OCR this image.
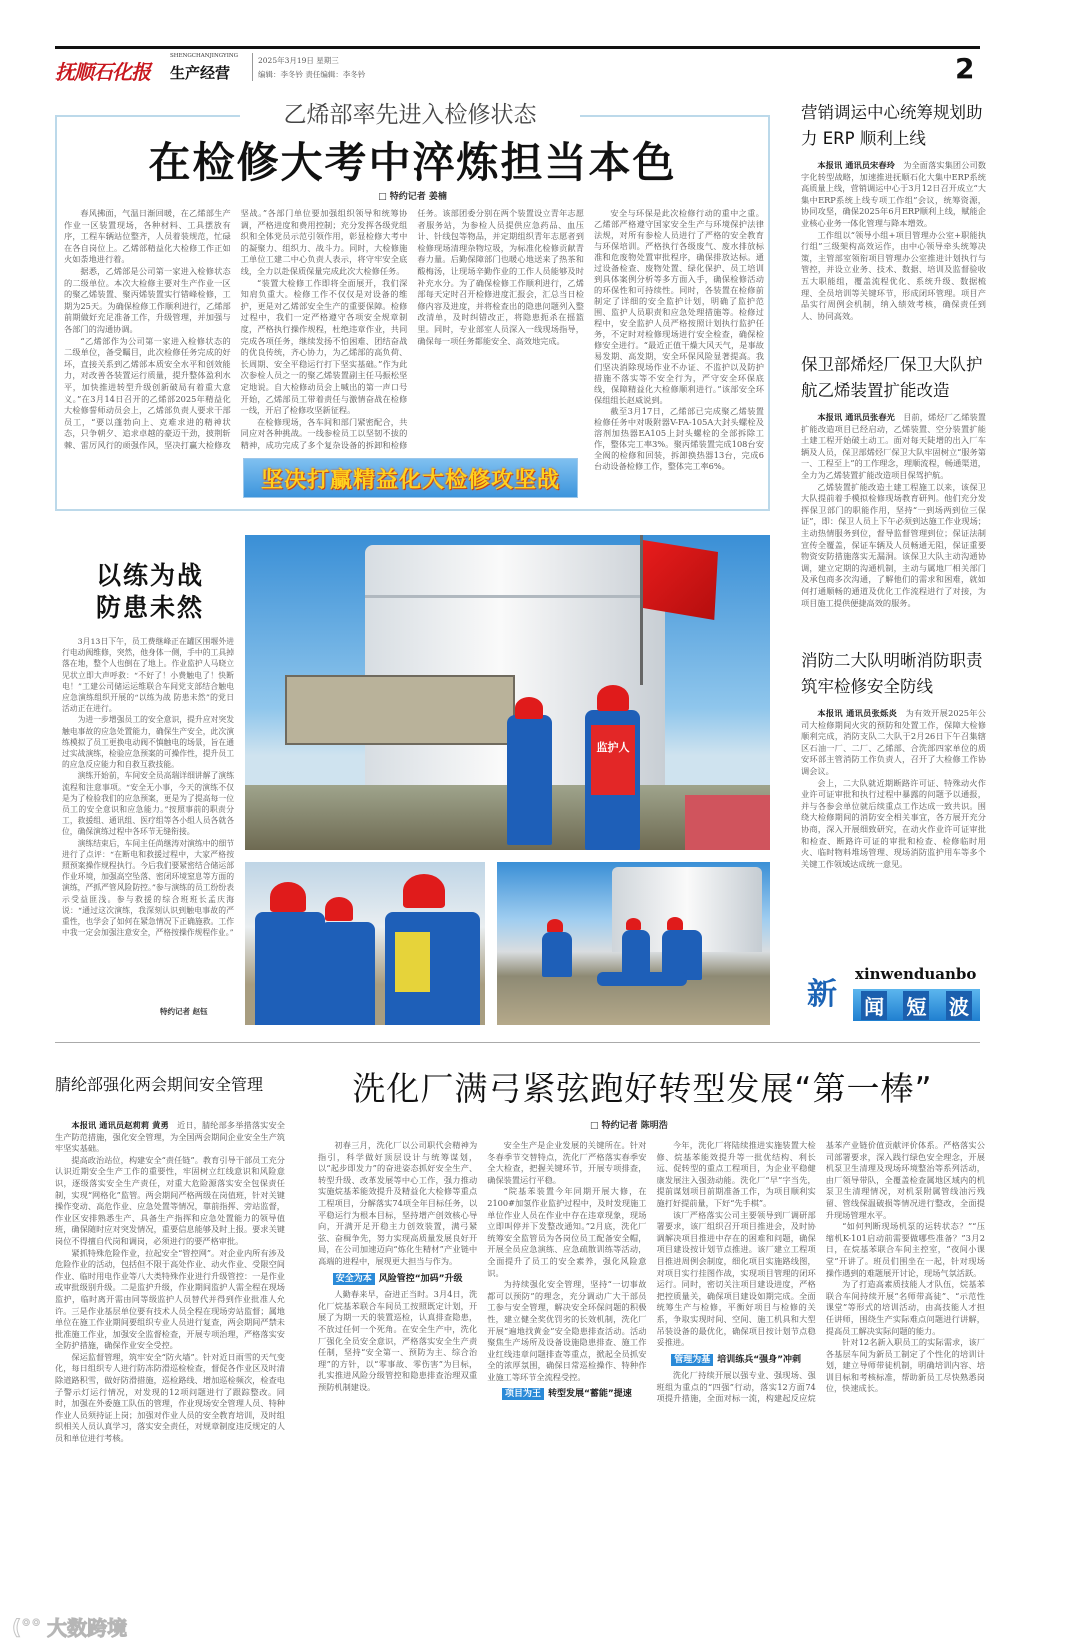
抚顺石化报
SHENGCHANJINGYING
生产经营
2025年3月19日 星期三
编辑：李冬钤 责任编辑：李冬钤	2
乙烯部率先进入检修状态
在检修大考中淬炼担当本色
□ 特约记者 姜楠

春风拂面，气温日渐回暖，在乙烯部生产作业一区装置现场，各种材料、工具摆放有序，工程车辆站位整齐，人员着装规范，忙碌在各自岗位上。乙烯部精益化大检修工作正如火如荼地进行着。

据悉，乙烯部是公司第一家进入检修状态的二级单位。本次大检修主要对生产作业一区的聚乙烯装置、聚丙烯装置实行错峰检修，工期为25天。为确保检修工作顺利进行，乙烯部前期做好充足准备工作，升级管理，并加强与各部门的沟通协调。

“乙烯部作为公司第一家进入检修状态的二级单位，备受瞩目，此次检修任务完成的好坏，直接关系到乙烯部本质安全水平和创效能力，对改善各装置运行质量，提升整体盈利水平，加快推进转型升级创新破局有着重大意义。”在3月14日召开的乙烯部2025年精益化大检修誓师动员会上，乙烯部负责人要求干部员工，“要以蓬勃向上、克难求进的精神状态，只争朝夕、追求卓越的豪迈干劲，披荆斩棘、雷厉风行的顽强作风，坚决打赢大检修攻坚战。”各部门单位要加强组织领导和统筹协调，严格进度和费用控制；充分发挥各级党组织和全体党员示范引领作用，彰显检修大考中的凝聚力、组织力、战斗力。同时，大检修施工单位工建二中心负责人表示，将守牢安全底线，全力以赴保质保量完成此次大检修任务。

“装置大检修工作即将全面展开，我们深知肩负重大。检修工作不仅仅是对设备的维护，更是对乙烯部安全生产的重要保障。检修过程中，我们一定严格遵守各项安全规章制度，严格执行操作规程，杜绝违章作业，共同完成各项任务，继续发扬不怕困难、团结奋战的优良传统，齐心协力，为乙烯部的高负荷、长周期、安全平稳运行打下坚实基础。”作为此次参检人员之一的聚乙烯装置副主任马振松坚定地说。自大检修动员会上喊出的第一声口号开始，乙烯部员工带着责任与激情奋战在检修一线，开启了检修攻坚新征程。

在检修现场，各车间和部门紧密配合，共同应对各种挑战。一线参检员工以坚韧不拔的精神，成功完成了多个复杂设备的拆卸和检修任务。该部团委分别在两个装置设立青年志愿者服务站，为参检人员提供应急药品、血压计、针线包等物品，并定期组织青年志愿者到检修现场清理杂物垃圾，为标准化检修贡献青春力量。后勤保障部门也暖心地送来了热茶和酸梅汤，让现场辛勤作业的工作人员能够及时补充水分。为了确保检修工作顺利进行，乙烯部每天定时召开检修进度汇报会，汇总当日检修内容及进度，并将检查出的隐患问题列入整改清单，及时纠错改正，将隐患扼杀在摇篮里。同时，专业部室人员深入一线现场指导，确保每一项任务都能安全、高效地完成。

安全与环保是此次检修行动的重中之重。乙烯部严格遵守国家安全生产与环境保护法律法规，对所有参检人员进行了严格的安全教育与环保培训。严格执行各级废气、废水排放标准和危废物处置审批程序，确保排放达标。通过设备检查、废物处置、绿化保护、员工培训到具体案例分析等多方面入手，确保检修活动的环保性和可持续性。同时，各装置在检修前制定了详细的安全监护计划，明确了监护范围、监护人员职责和应急处理措施等。检修过程中，安全监护人员严格按照计划执行监护任务，不定时对检修现场进行安全检查，确保检修安全进行。“最近正值干燥大风天气，是事故易发期、高发期，安全环保风险显著提高。我们坚决消除现场作业不办证、不监护以及防护措施不落实等不安全行为，严守安全环保底线，保障精益化大检修顺利进行。”该部安全环保组组长赵威说到。

截至3月17日，乙烯部已完成聚乙烯装置检修任务中对吸附器V-FA-105A大封头螺栓及溶剂加热器EA105上封头螺栓的全部拆除工作，整体完工率3%。聚丙烯装置完成108台安全阀的检修和回装，拆卸换热器13台，完成6台动设备检修工作，整体完工率6%。

坚决打赢精益化大检修攻坚战
营销调运中心统筹规划助力 ERP 顺利上线

本报讯 通讯员宋春玲　 为全面落实集团公司数字化转型战略，加速推进抚顺石化大集中ERP系统高质量上线，营销调运中心于3月12日召开成立“大集中ERP系统上线专项工作组”会议，统筹资源，协同攻坚，确保2025年6月ERP顺利上线，赋能企业核心业务一体化管理与降本增效。

工作组以“领导小组+项目管理办公室+职能执行组”三级架构高效运作，由中心领导牵头统筹决策，主管部室领衔项目管理办公室推进计划执行与管控，并设立业务、技术、数据、培训及监督验收五大职能组，覆盖流程优化、系统升级、数据梳理、全员培训等关键环节，形成闭环管理。项目产品实行周例会机制，纳入绩效考核，确保责任到人、协同高效。

保卫部烯烃厂保卫大队护航乙烯装置扩能改造

本报讯 通讯员张春光　 目前，烯烃厂乙烯装置扩能改造项目已经启动，乙烯装置、空分装置扩能土建工程开始破土动工。面对每天陡增的出入厂车辆及人员，保卫部烯烃厂保卫大队牢固树立“服务第一、工程至上”的工作理念，理顺流程，畅通渠道，全力为乙烯装置扩能改造项目保驾护航。

乙烯装置扩能改造土建工程施工以来，该保卫大队提前着手模拟检修现场教育研判。他们充分发挥保卫部门的职能作用，坚持“一到场两到位三保证”，即：保卫人员上下午必须到达施工作业现场；主动热情服务到位，督导监督管理到位；保证法制宣传全覆盖，保证车辆及人员畅通无阻，保证重要物资安防措施落实无漏洞。该保卫大队主动沟通协调，建立定期的沟通机制，主动与属地厂相关部门及承包商多次沟通，了解他们的需求和困难，就如何打通顺畅的通道及优化工作流程进行了对接，为项目施工提供便捷高效的服务。

消防二大队明晰消防职责筑牢检修安全防线

本报讯 通讯员张烁炎　 为有效开展2025年公司大检修期间火灾的预防和处置工作，保障大检修顺利完成，消防支队二大队于2月26日下午召集辖区石油一厂、二厂、乙烯部、合洗部四家单位的质安环部主管消防工作负责人，召开了大检修工作协调会议。

会上，二大队就近期断路许可证、特殊动火作业许可证审批和执行过程中暴露的问题予以通报，并与各参会单位就后续重点工作达成一致共识。围绕大检修期间的消防安全相关事宜，各方展开充分协商，深入开展细致研究，在动火作业许可证审批和检查、断路许可证的审批和检查、检修临时用火、临时物料堆场管理、现场消防监护用车等多个关键工作领域达成统一意见。

xinwenduanbo
新 闻 短 波
以练为战
防患未然

3月13日下午，员工费继峰正在罐区围堰外进行电动阀维修，突然，他身体一侧，手中的工具掉落在地，整个人也倒在了地上。作业监护人马晓立见状立即大声呼救：“不好了！小费触电了！快断电！”工建公司储运运维联合车间党支部结合触电应急演练组织开展的“以练为战 防患未然”的党日活动正在进行。

为进一步增强员工的安全意识，提升应对突发触电事故的应急处置能力，确保生产安全，此次演练模拟了员工更换电动阀不慎触电的场景，旨在通过实战演练，检验应急预案的可操作性，提升员工的应急反应能力和自救互救技能。

演练开始前，车间安全员高瑞详细讲解了演练流程和注意事项。“安全无小事，今天的演练不仅是为了检验我们的应急预案，更是为了提高每一位员工的安全意识和应急能力。”按照事前的职责分工，救援组、通讯组、医疗组等各小组人员各就各位，确保演练过程中各环节无缝衔接。

演练结束后，车间主任尚继涛对演练中的细节进行了点评：“在断电和救援过程中，大家严格按照预案操作规程执行。今后我们要紧密结合储运部作业环境，加强高空坠落、密闭环境窒息等方面的演练，严抓严管风险防控。”参与演练的员工纷纷表示受益匪浅。参与救援的综合班班长孟庆海说：“通过这次演练，我深刻认识到触电事故的严重性，也学会了如何在紧急情况下正确施救。工作中我一定会加强注意安全，严格按操作规程作业。”

特约记者 赵钰
监护人
腈纶部强化两会期间安全管理

本报讯 通讯员赵莉莉 黄勇　 近日，腈纶部多举措落实安全生产防范措施，强化安全管理，为全国两会期间企业安全生产筑牢坚实基础。

提高政治站位，构建安全“责任链”。教育引导干部员工充分认识近期安全生产工作的重要性，牢固树立红线意识和风险意识，逐级落实安全生产责任，对重大危险源落实安全包保责任制，实现“网格化”监管。两会期间严格两级在岗值班，针对关键操作变动、高危作业、应急处置等情况，靠前指挥、旁站监督，作业区安排熟悉生产、具备生产指挥和应急处置能力的领导值班，确保随时应对突发情况，重要信息能够及时上报。要求关键岗位不得擅自代岗和调岗，必须进行的要严格审批。

紧抓特殊危险作业，拉起安全“管控网”。对企业内所有涉及危险作业的活动，包括但不限于高处作业、动火作业、受限空间作业、临时用电作业等八大类特殊作业进行升级管控：一是作业或审批级别升级。二是监护升级，作业期间监护人需全程在现场监护，临时离开需由同等级监护人员替代并得到作业批准人允许。三是作业基层单位要有技术人员全程在现场旁站监督；属地单位在施工作业期间要组织专业人员进行复查，两会期间严禁未批准施工作业，加强安全监督检查，开展专项治理，严格落实安全防护措施，确保作业安全受控。

保运监督管理，筑牢安全“防火墙”。针对近日雨雪的天气变化，每日组织专人进行防冻防滑巡检检查，督促各作业区及时清除道路积雪，做好防滑措施，巡检路线、增加巡检频次，检查电子警示灯运行情况，对发现的12项问题进行了跟踪整改。同时，加强在外委施工队伍的管理，作业现场安全管理人员、特种作业人员须持证上岗；加强对作业人员的安全教育培训，及时组织相关人员认真学习，落实安全责任，对规章制度违反规定的人员和单位进行考核。

洗化厂满弓紧弦跑好转型发展“第一棒”
□ 特约记者 陈明浩

初春三月，洗化厂以公司职代会精神为指引，科学做好顶层设计与统筹谋划，以“起步即发力”的奋进姿态抓好安全生产、转型升级、改革发展等中心工作，强力推动实施烷基苯能效提升及精益化大检修等重点工程项目，分解落实74项全年目标任务，以平稳运行为根本目标，坚持增产创效核心导向，开满开足开稳主力创效装置，满弓紧弦、奋楫争先，努力实现高质量发展良好开局，在公司加速迈向“炼化生精材”产业链中高端的进程中，展现更大担当与作为。

安全为本 风险管控“加码”升级

人勤春来早，奋进正当时。3月4日，洗化厂烷基苯联合车间员工按照既定计划，开展了为期一天的装置巡检，认真排查隐患，不放过任何一个死角。在安全生产中，洗化厂强化全员安全意识，严格落实安全生产责任制，坚持“安全第一、预防为主、综合治理”的方针，以“零事故、零伤害”为目标，扎实推进风险分级管控和隐患排查治理双重预防机制建设。

安全生产是企业发展的关键所在。针对冬春季节交替特点，洗化厂严格落实春季安全大检查，把握关键环节，开展专项排查，确保装置运行平稳。

“院基苯装置今年同期开展大修，在2100#加氢作业监护过程中，及时发现施工单位作业人员在作业中存在违章现象，现场立即叫停并下发整改通知。”2月底，洗化厂统筹安全监管员为各岗位员工配备安全帽，开展全员应急演练、应急疏散训练等活动，全面提升了员工的安全素养，强化风险意识。

为持续强化安全管理，坚持“一切事故都可以预防”的理念，充分调动广大干部员工参与安全管理，解决安全环保问题的积极性，建立健全奖优罚劣的长效机制，洗化厂开展“遍地找黄金”安全隐患排查活动。活动聚焦生产场所及设备设施隐患排查、施工作业红线违章问题排查等重点，掀起全员抓安全的浓厚氛围，确保日常巡检操作、特种作业施工等环节全流程受控。

项目为王 转型发展“蓄能”提速

今年，洗化厂将陆续推进实施装置大检修、烷基苯能效提升等一批优结构、利长远、促转型的重点工程项目，为企业平稳健康发展注入强劲动能。洗化厂“早”字当先，提前谋划项目前期准备工作，为项目顺利实施打好提前量，下好“先手棋”。

该厂严格落实公司主要领导到厂调研部署要求，该厂组织召开项目推进会，及时协调解决项目推进中存在的困难和问题，确保项目建设按计划节点推进。该厂建立工程项目推进周例会制度，细化项目实施路线图，对项目实行挂图作战，实现项目管理的闭环运行。同时，密切关注项目建设进度，严格把控质量关，确保项目建设如期完成。全面统筹生产与检修，平衡好项目与检修的关系，争取实现时间、空间、施工机具和大型吊装设备的最优化，确保项目按计划节点稳妥推进。

管理为基 培训练兵“强身”冲刺

洗化厂持续开展以强专业、强现场、强班组为重点的“四强”行动，落实12方面74项提升措施，全面对标一流，构建起反应烷基苯产业链价值贡献评价体系。严格落实公司部署要求，深入践行绿色安全理念，开展机泵卫生清理及现场环境整治等系列活动，由厂领导带队，全覆盖检查属地区域内的机泵卫生清理情况，对机泵附属管线油污残留、管线保温破损等情况进行整改，全面提升现场管理水平。

“如何判断现场机泵的运转状态？”“压缩机K-101启动前需要做哪些准备？”3月2日，在烷基苯联合车间主控室，“夜间小课堂”开讲了。班员们围坐在一起，针对现场操作遇到的难题展开讨论，现场气氛活跃。

为了打造高素质技能人才队伍，烷基苯联合车间持续开展“名师带高徒”、“示范性课堂”等形式的培训活动，由高技能人才担任讲师，围绕生产实际难点问题进行讲解，提高员工解决实际问题的能力。

针对12名新入职员工的实际需求，该厂各基层车间为新员工制定了个性化的培训计划，建立导师带徒机制，明确培训内容、培训目标和考核标准，帮助新员工尽快熟悉岗位，快速成长。

(°° 大数跨境
